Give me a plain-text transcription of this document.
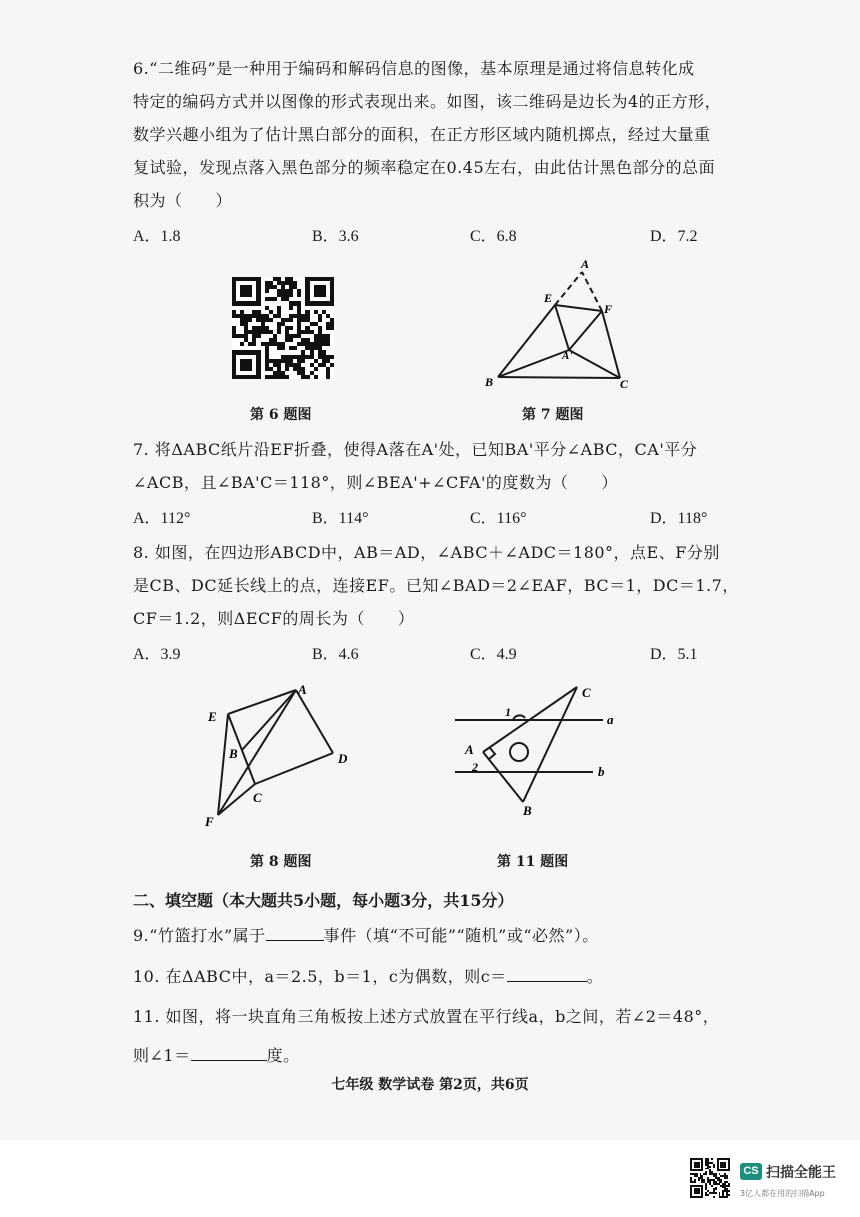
6.“二维码”是一种用于编码和解码信息的图像，基本原理是通过将信息转化成
特定的编码方式并以图像的形式表现出来。如图，该二维码是边长为4的正方形，
数学兴趣小组为了估计黑白部分的面积，在正方形区域内随机掷点，经过大量重
复试验，发现点落入黑色部分的频率稳定在0.45左右，由此估计黑色部分的总面
积为（　　）
A．1.8	B．3.6	C．6.8	D．7.2
第 6 题图
A
E
F
A'
B	C
第 7 题图
7. 将ΔABC纸片沿EF折叠，使得A落在A'处，已知BA'平分∠ABC，CA'平分
∠ACB，且∠BA'C＝118°，则∠BEA'+∠CFA'的度数为（　　）
A．112°	B．114°	C．116°	D．118°
8. 如图，在四边形ABCD中，AB＝AD，∠ABC＋∠ADC＝180°，点E、F分别
是CB、DC延长线上的点，连接EF。已知∠BAD＝2∠EAF，BC＝1，DC＝1.7，
CF＝1.2，则ΔECF的周长为（　　）
A．3.9	B．4.6	C．4.9	D．5.1
A
E
B	D
C
F
第 8 题图
C
1	a
A
2	b
B
第 11 题图
二、填空题（本大题共5小题，每小题3分，共15分）
9.“竹篮打水”属于	事件（填“不可能”“随机”或“必然”）。
10. 在ΔABC中，a＝2.5，b＝1，c为偶数，则c＝	。
11. 如图，将一块直角三角板按上述方式放置在平行线a，b之间，若∠2＝48°，
则∠1＝	度。
七年级 数学试卷 第2页，共6页
CS 扫描全能王
3亿人都在用的扫描App
